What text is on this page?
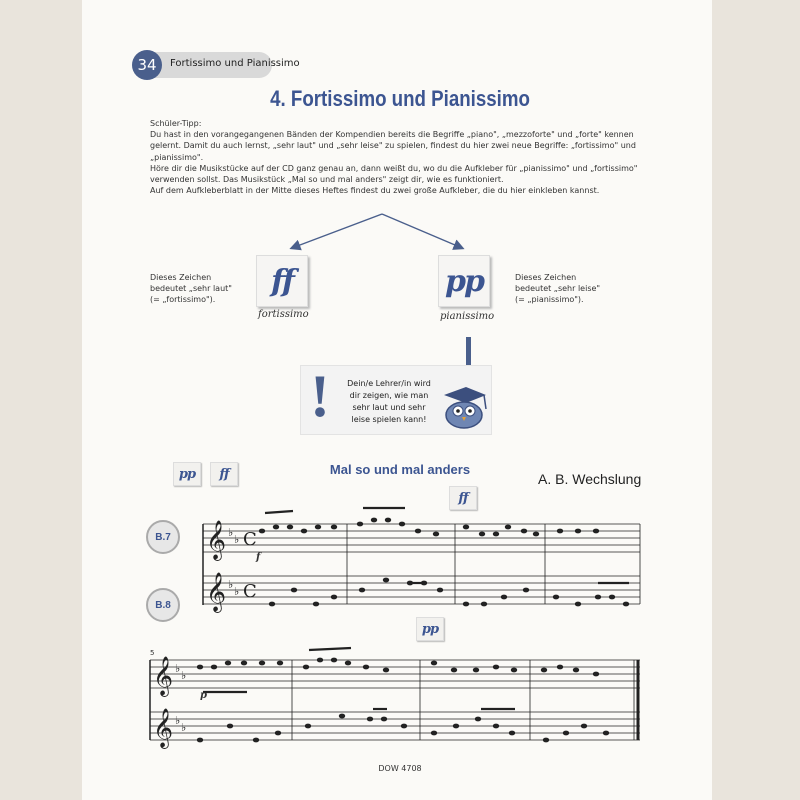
34	Fortissimo und Pianissimo
4. Fortissimo und Pianissimo

Schüler-Tipp:

Du hast in den vorangegangenen Bänden der Kompendien bereits die Begriffe „piano", „mezzoforte" und „forte" kennen gelernt. Damit du auch lernst, „sehr laut" und „sehr leise" zu spielen, findest du hier zwei neue Begriffe: „fortissimo" und „pianissimo".

Höre dir die Musikstücke auf der CD ganz genau an, dann weißt du, wo du die Aufkleber für „pianissimo" und „fortissimo" verwenden sollst. Das Musikstück „Mal so und mal anders" zeigt dir, wie es funktioniert.

Auf dem Aufkleberblatt in der Mitte dieses Heftes findest du zwei große Aufkleber, die du hier einkleben kannst.

Dieses Zeichen
bedeutet „sehr laut"
(= „fortissimo").
ff
fortissimo
pp
pianissimo
Dieses Zeichen
bedeutet „sehr leise"
(= „pianissimo").
!	Dein/e Lehrer/in wird
dir zeigen, wie man
sehr laut und sehr
leise spielen kann!
pp	ff	Mal so und mal anders
A. B. Wechslung
ff
pp
B.7
B.8
𝄞
𝄞
𝄞
𝄞
♭
♭
♭
♭
♭
♭
♭
♭
C
C
f
p
5
DOW 4708
